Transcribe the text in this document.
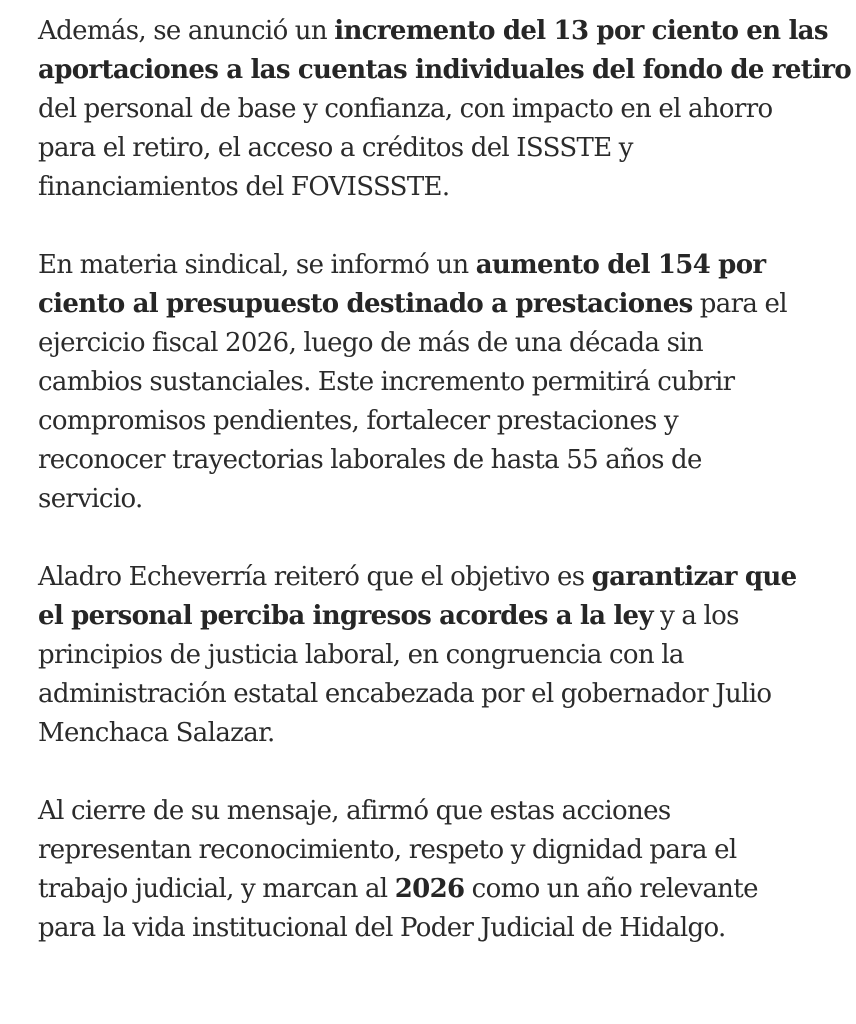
Además, se anunció un incremento del 13 por ciento en las
aportaciones a las cuentas individuales del fondo de retiro
del personal de base y confianza, con impacto en el ahorro
para el retiro, el acceso a créditos del ISSSTE y
financiamientos del FOVISSSTE.

En materia sindical, se informó un aumento del 154 por
ciento al presupuesto destinado a prestaciones para el
ejercicio fiscal 2026, luego de más de una década sin
cambios sustanciales. Este incremento permitirá cubrir
compromisos pendientes, fortalecer prestaciones y
reconocer trayectorias laborales de hasta 55 años de
servicio.

Aladro Echeverría reiteró que el objetivo es garantizar que
el personal perciba ingresos acordes a la ley y a los
principios de justicia laboral, en congruencia con la
administración estatal encabezada por el gobernador Julio
Menchaca Salazar.

Al cierre de su mensaje, afirmó que estas acciones
representan reconocimiento, respeto y dignidad para el
trabajo judicial, y marcan al 2026 como un año relevante
para la vida institucional del Poder Judicial de Hidalgo.
